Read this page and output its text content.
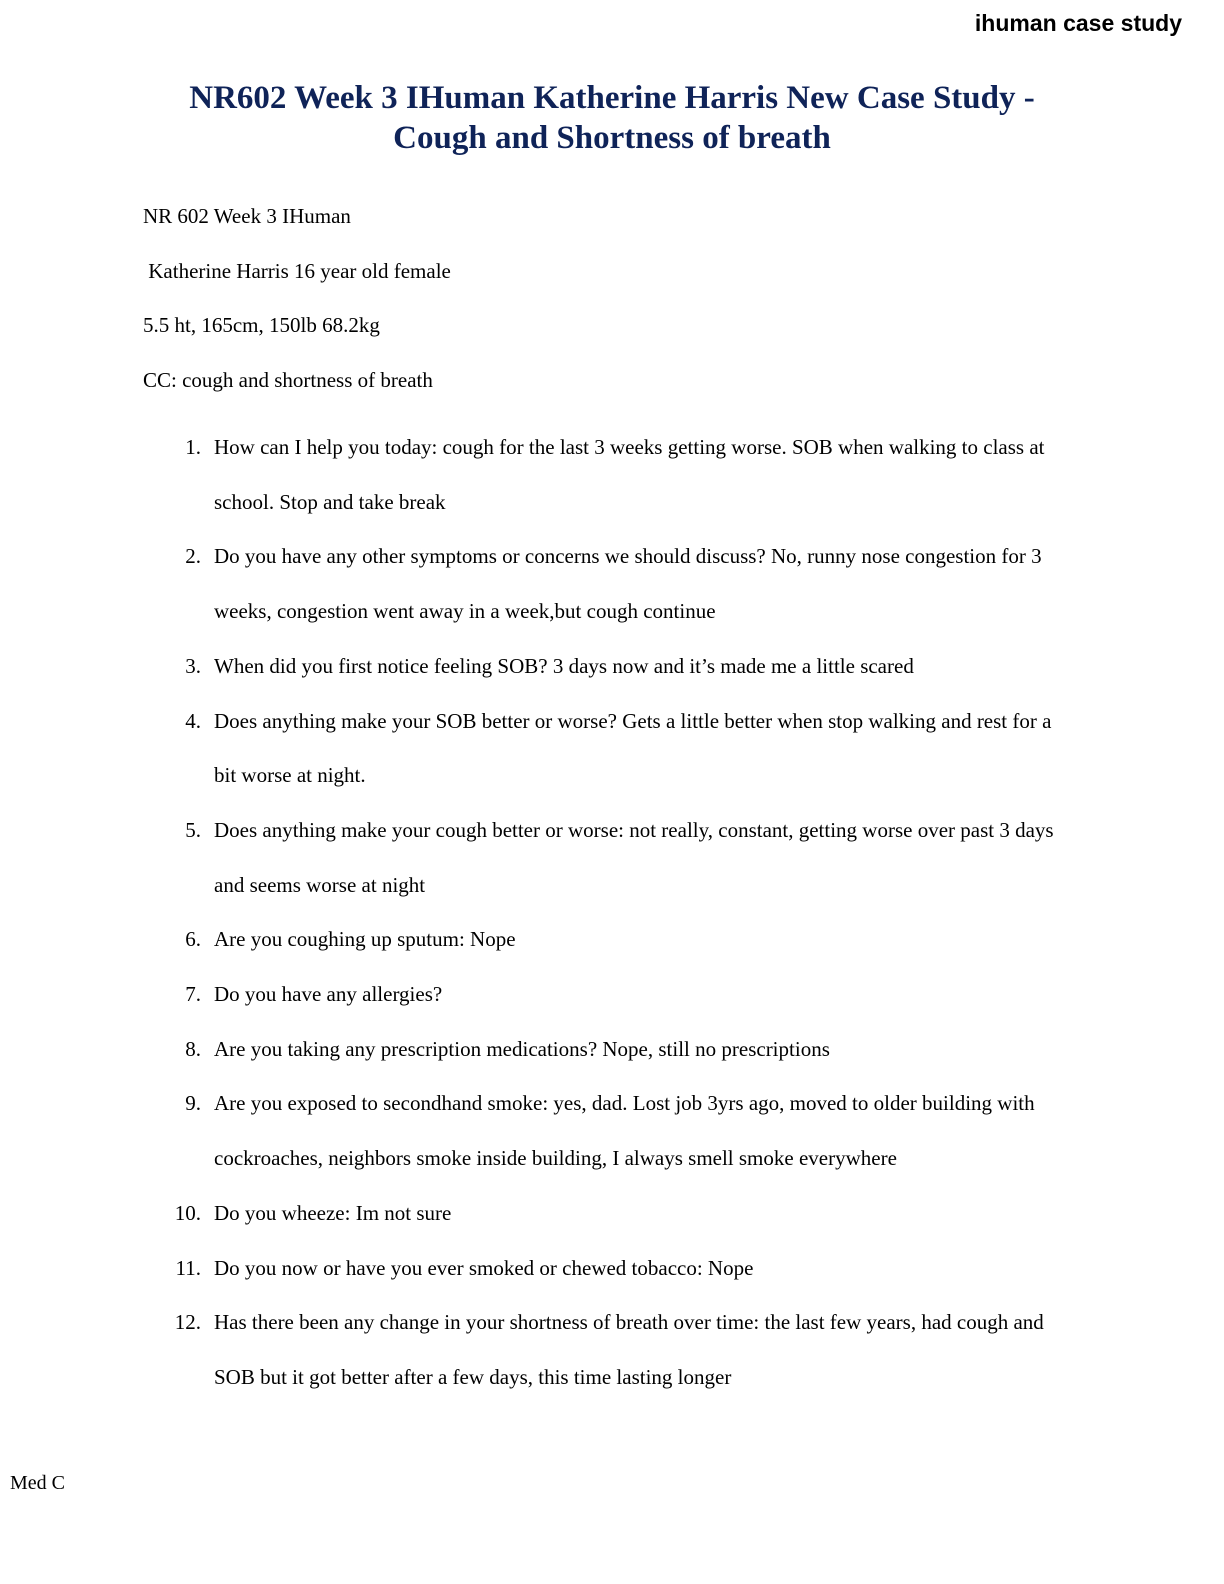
ihuman case study
NR602 Week 3 IHuman Katherine Harris New Case Study -
Cough and Shortness of breath

NR 602 Week 3 IHuman

Katherine Harris 16 year old female

5.5 ht, 165cm, 150lb 68.2kg

CC: cough and shortness of breath

1. How can I help you today: cough for the last 3 weeks getting worse. SOB when walking to class at school. Stop and take break
2. Do you have any other symptoms or concerns we should discuss? No, runny nose congestion for 3 weeks, congestion went away in a week,but cough continue
3. When did you first notice feeling SOB? 3 days now and it’s made me a little scared
4. Does anything make your SOB better or worse? Gets a little better when stop walking and rest for a bit worse at night.
5. Does anything make your cough better or worse: not really, constant, getting worse over past 3 days and seems worse at night
6. Are you coughing up sputum: Nope
7. Do you have any allergies?
8. Are you taking any prescription medications? Nope, still no prescriptions
9. Are you exposed to secondhand smoke: yes, dad. Lost job 3yrs ago, moved to older building with cockroaches, neighbors smoke inside building, I always smell smoke everywhere
10. Do you wheeze: Im not sure
11. Do you now or have you ever smoked or chewed tobacco: Nope
12. Has there been any change in your shortness of breath over time: the last few years, had cough and SOB but it got better after a few days, this time lasting longer

Med C
